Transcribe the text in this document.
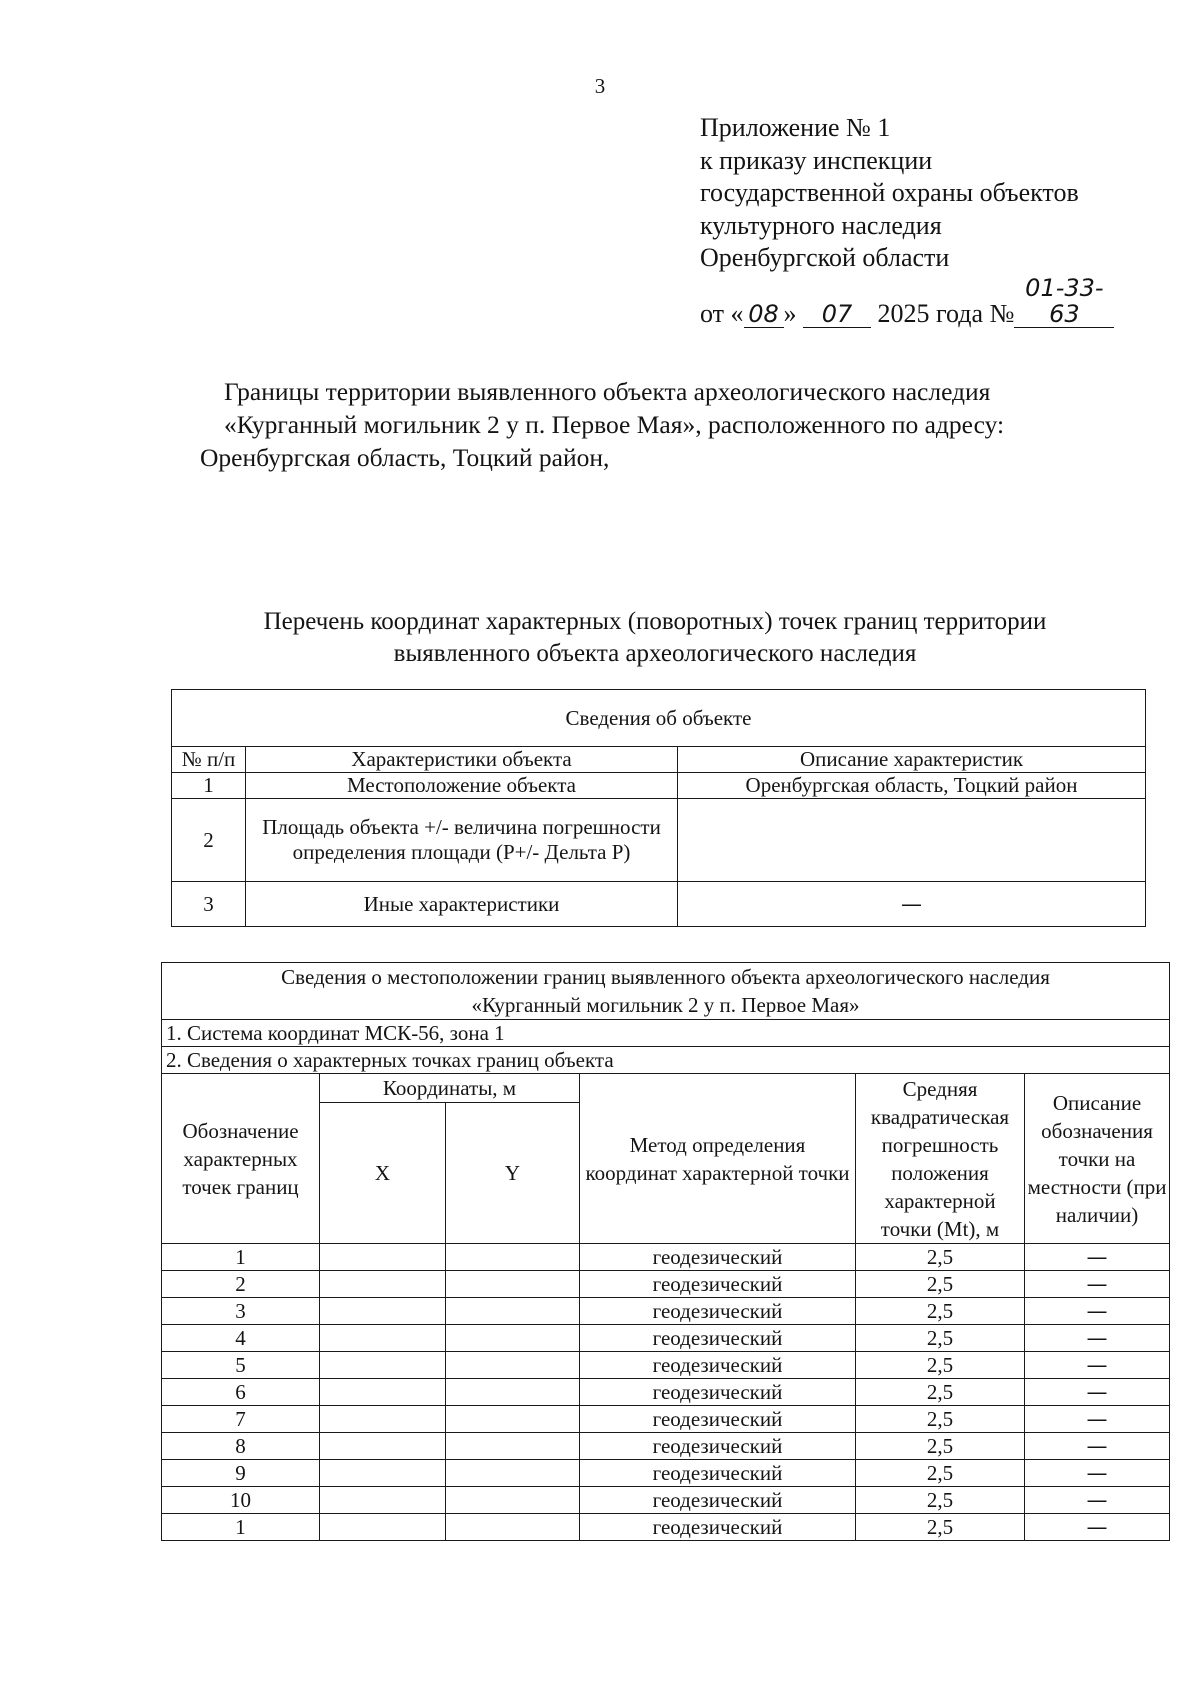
3
Приложение № 1
к приказу инспекции
государственной охраны объектов
культурного наследия
Оренбургской области
от « 08 » 07 2025 года №01-33-63
Границы территории выявленного объекта археологического наследия
«Курганный могильник 2 у п. Первое Мая», расположенного по адресу:
Оренбургская область, Тоцкий район,
Перечень координат характерных (поворотных) точек границ территории
выявленного объекта археологического наследия
Сведения об объекте		
№ п/п	Характеристики объекта	Описание характеристик
1	Местоположение объекта	Оренбургская область, Тоцкий район
2	Площадь объекта +/- величина погрешности определения площади (P+/- Дельта P)	
3	Иные характеристики	—
Сведения о местоположении границ выявленного объекта археологического наследия
«Курганный могильник 2 у п. Первое Мая»					

1. Система координат МСК-56, зона 1					
2. Сведения о характерных точках границ объекта					
Обозначение характерных точек границ	Координаты, м		Метод определения координат характерной точки	Средняя квадратическая погрешность положения характерной точки (Mt), м	Описание обозначения точки на местности (при наличии)
	X	Y			
1			геодезический	2,5	—
2			геодезический	2,5	—
3			геодезический	2,5	—
4			геодезический	2,5	—
5			геодезический	2,5	—
6			геодезический	2,5	—
7			геодезический	2,5	—
8			геодезический	2,5	—
9			геодезический	2,5	—
10			геодезический	2,5	—
1			геодезический	2,5	—
